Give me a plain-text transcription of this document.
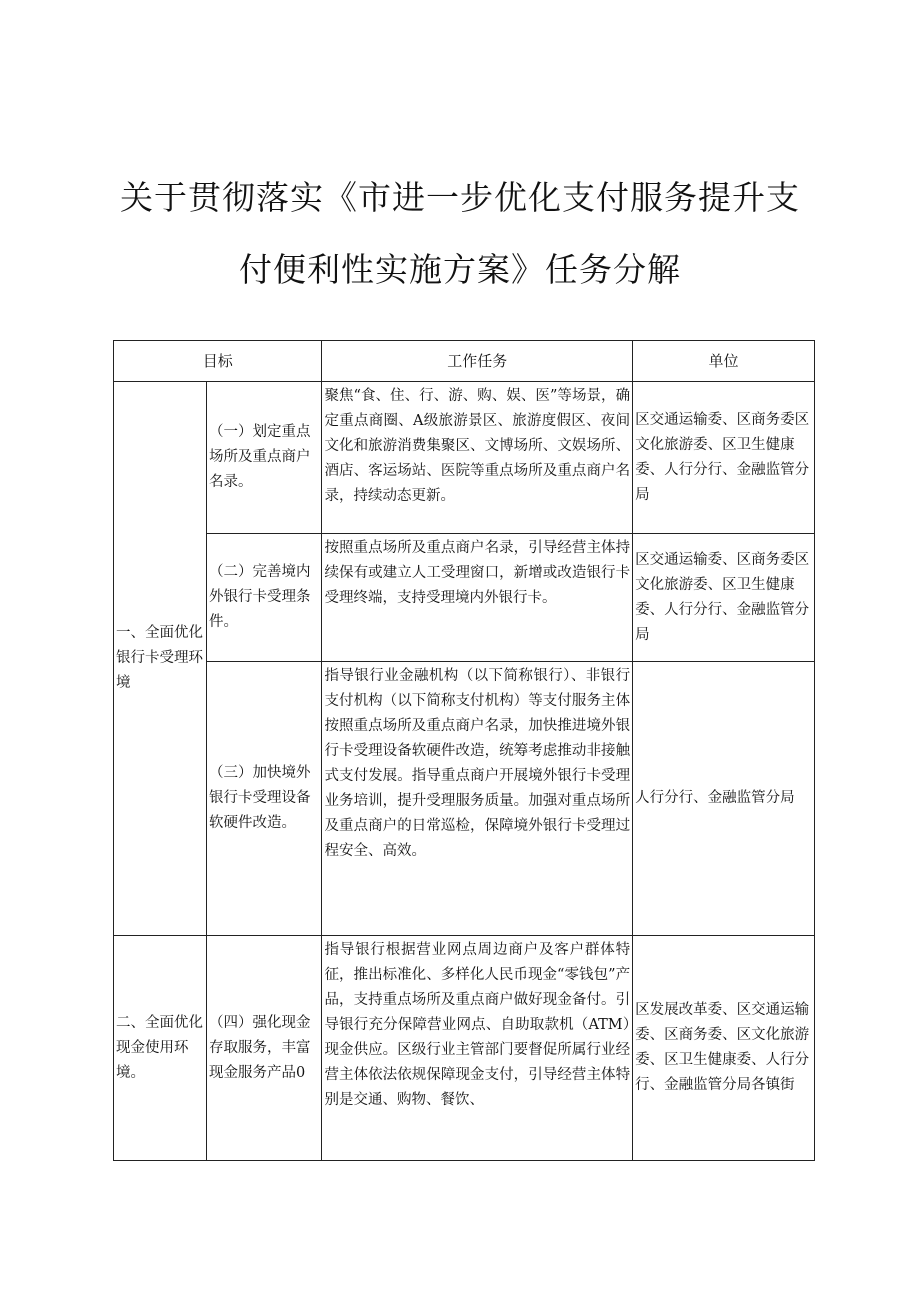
关于贯彻落实《市进一步优化支付服务提升支
付便利性实施方案》任务分解
目标		工作任务	单位
一、全面优化银行卡受理环境	（一）划定重点场所及重点商户名录。	聚焦“食、住、行、游、购、娱、医”等场景，确定重点商圈、A级旅游景区、旅游度假区、夜间文化和旅游消费集聚区、文博场所、文娱场所、酒店、客运场站、医院等重点场所及重点商户名录，持续动态更新。	区交通运输委、区商务委区文化旅游委、区卫生健康委、人行分行、金融监管分局
	（二）完善境内外银行卡受理条件。	按照重点场所及重点商户名录，引导经营主体持续保有或建立人工受理窗口，新增或改造银行卡受理终端，支持受理境内外银行卡。	区交通运输委、区商务委区文化旅游委、区卫生健康委、人行分行、金融监管分局
	（三）加快境外银行卡受理设备软硬件改造。	指导银行业金融机构（以下简称银行）、非银行支付机构（以下简称支付机构）等支付服务主体按照重点场所及重点商户名录，加快推进境外银行卡受理设备软硬件改造，统筹考虑推动非接触式支付发展。指导重点商户开展境外银行卡受理业务培训，提升受理服务质量。加强对重点场所及重点商户的日常巡检，保障境外银行卡受理过程安全、高效。	人行分行、金融监管分局
二、全面优化现金使用环境。	（四）强化现金存取服务，丰富现金服务产品0	指导银行根据营业网点周边商户及客户群体特征，推出标准化、多样化人民币现金“零钱包”产品，支持重点场所及重点商户做好现金备付。引导银行充分保障营业网点、自助取款机（ATM）现金供应。区级行业主管部门要督促所属行业经营主体依法依规保障现金支付，引导经营主体特别是交通、购物、餐饮、	区发展改革委、区交通运输委、区商务委、区文化旅游委、区卫生健康委、人行分行、金融监管分局各镇街
